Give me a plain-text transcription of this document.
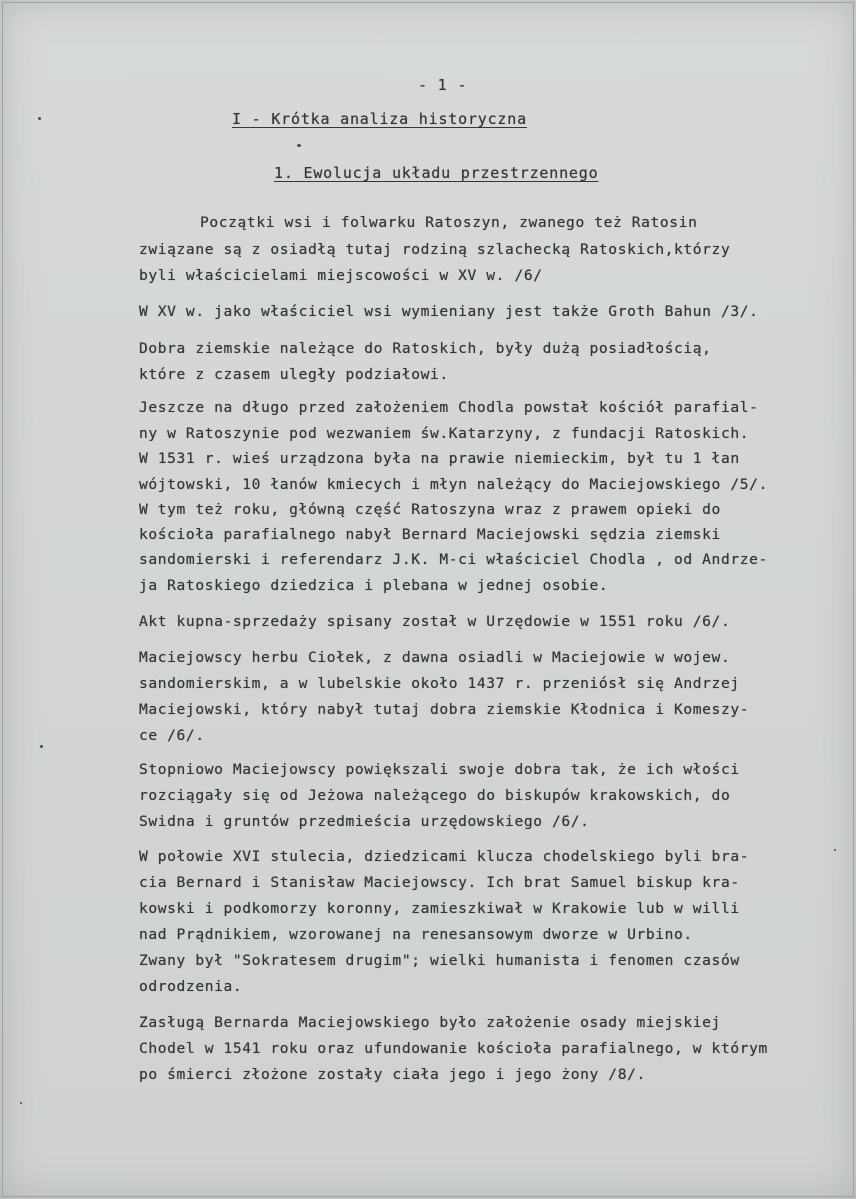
- 1 -
I - Krótka analiza historyczna
1. Ewolucja układu przestrzennego
Początki wsi i folwarku Ratoszyn, zwanego też Ratosin
związane są z osiadłą tutaj rodziną szlachecką Ratoskich,którzy
byli właścicielami miejscowości w XV w. /6/
W XV w. jako właściciel wsi wymieniany jest także Groth Bahun /3/.
Dobra ziemskie należące do Ratoskich, były dużą posiadłością,
które z czasem uległy podziałowi.
Jeszcze na długo przed założeniem Chodla powstał kościół parafial-
ny w Ratoszynie pod wezwaniem św.Katarzyny, z fundacji Ratoskich.
W 1531 r. wieś urządzona była na prawie niemieckim, był tu 1 łan
wójtowski, 10 łanów kmiecych i młyn należący do Maciejowskiego /5/.
W tym też roku, główną część Ratoszyna wraz z prawem opieki do
kościoła parafialnego nabył Bernard Maciejowski sędzia ziemski
sandomierski i referendarz J.K. M-ci właściciel Chodla , od Andrze-
ja Ratoskiego dziedzica i plebana w jednej osobie.
Akt kupna-sprzedaży spisany został w Urzędowie w 1551 roku /6/.
Maciejowscy herbu Ciołek, z dawna osiadli w Maciejowie w wojew.
sandomierskim, a w lubelskie około 1437 r. przeniósł się Andrzej
Maciejowski, który nabył tutaj dobra ziemskie Kłodnica i Komeszy-
ce /6/.
Stopniowo Maciejowscy powiększali swoje dobra tak, że ich włości
rozciągały się od Jeżowa należącego do biskupów krakowskich, do
Swidna i gruntów przedmieścia urzędowskiego /6/.
W połowie XVI stulecia, dziedzicami klucza chodelskiego byli bra-
cia Bernard i Stanisław Maciejowscy. Ich brat Samuel biskup kra-
kowski i podkomorzy koronny, zamieszkiwał w Krakowie lub w willi
nad Prądnikiem, wzorowanej na renesansowym dworze w Urbino.
Zwany był "Sokratesem drugim"; wielki humanista i fenomen czasów
odrodzenia.
Zasługą Bernarda Maciejowskiego było założenie osady miejskiej
Chodel w 1541 roku oraz ufundowanie kościoła parafialnego, w którym
po śmierci złożone zostały ciała jego i jego żony /8/.
